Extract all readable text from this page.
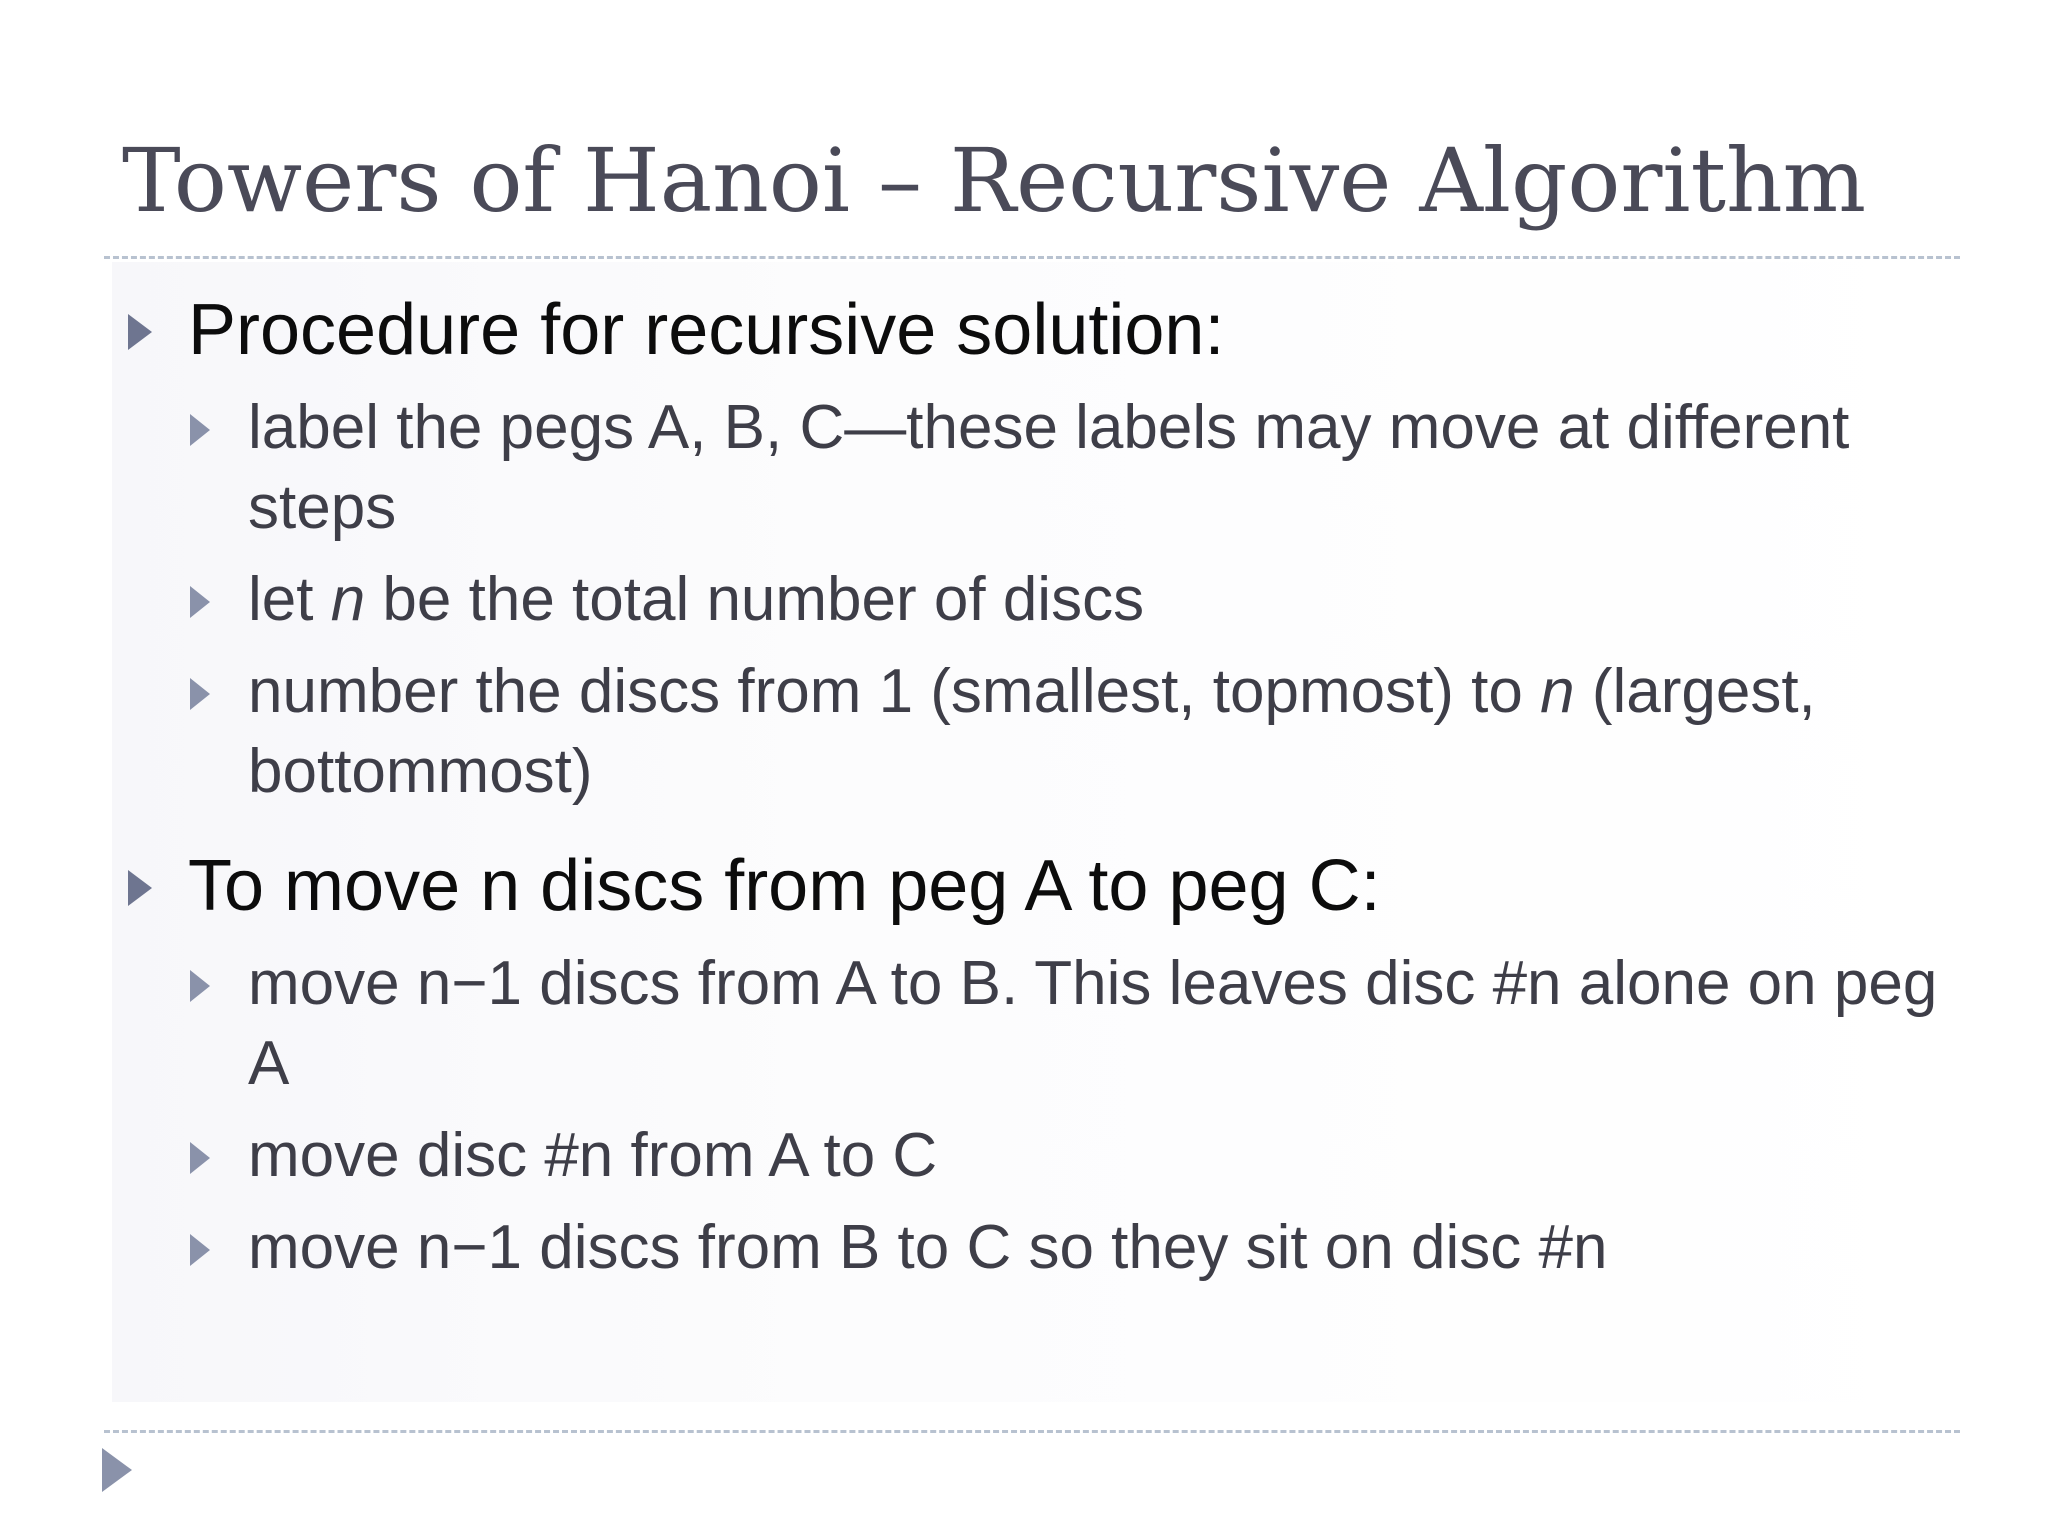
Towers of Hanoi – Recursive Algorithm
Procedure for recursive solution:
label the pegs A, B, C—these labels may move at different steps
let n be the total number of discs
number the discs from 1 (smallest, topmost) to n (largest, bottommost)
To move n discs from peg A to peg C:
move n−1 discs from A to B. This leaves disc #n alone on peg A
move disc #n from A to C
move n−1 discs from B to C so they sit on disc #n
